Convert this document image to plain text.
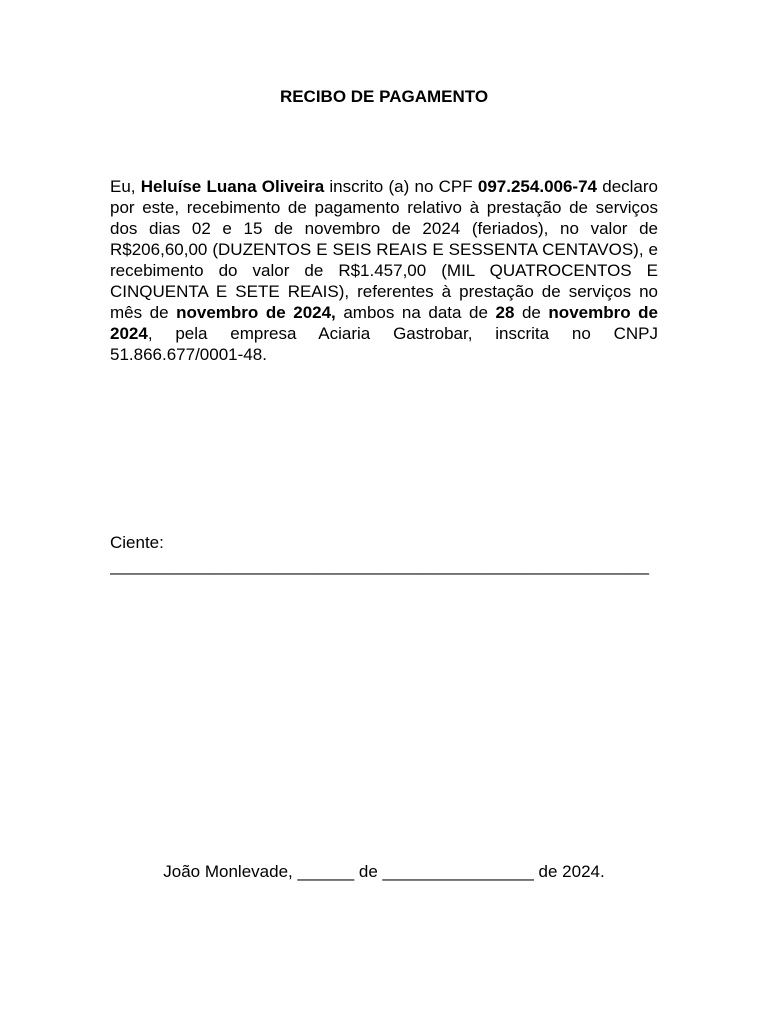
RECIBO DE PAGAMENTO

Eu, Heluíse Luana Oliveira inscrito (a) no CPF 097.254.006-74 declaro por este, recebimento de pagamento relativo à prestação de serviços dos dias 02 e 15 de novembro de 2024 (feriados), no valor de R$206,60,00 (DUZENTOS E SEIS REAIS E SESSENTA CENTAVOS), e recebimento do valor de R$1.457,00 (MIL QUATROCENTOS E CINQUENTA E SETE REAIS), referentes à prestação de serviços no mês de novembro de 2024, ambos na data de 28 de novembro de 2024, pela empresa Aciaria Gastrobar, inscrita no CNPJ 51.866.677/0001-48.

Ciente:
_________________________________________________________
João Monlevade, ______ de ________________ de 2024.
